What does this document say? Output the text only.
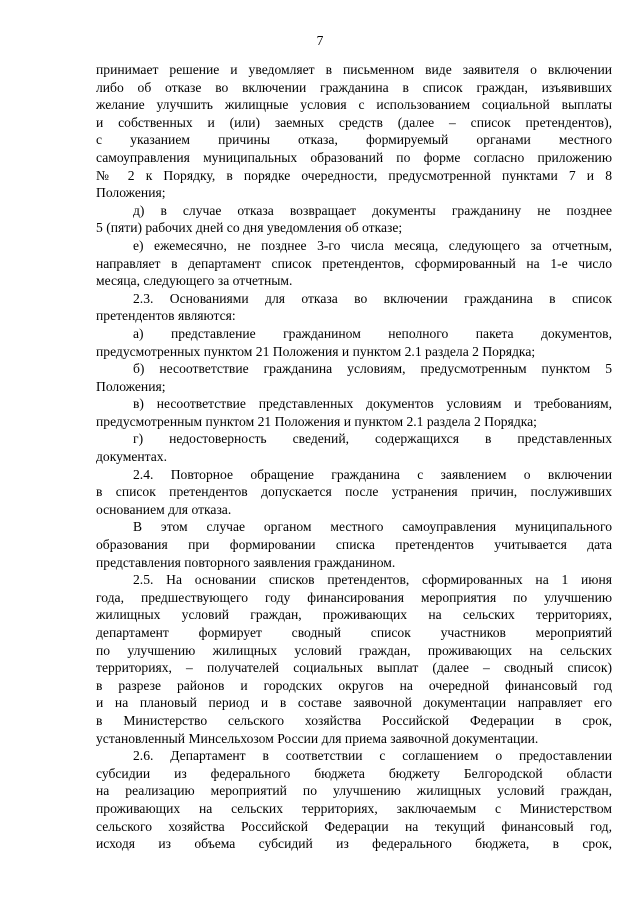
7
принимает решение и уведомляет в письменном виде заявителя о включении
либо об отказе во включении гражданина в список граждан, изъявивших
желание улучшить жилищные условия с использованием социальной выплаты
и собственных и (или) заемных средств (далее – список претендентов),
с указанием причины отказа, формируемый органами местного
самоуправления муниципальных образований по форме согласно приложению
№ 2 к Порядку, в порядке очередности, предусмотренной пунктами 7 и 8
Положения;
д) в случае отказа возвращает документы гражданину не позднее
5 (пяти) рабочих дней со дня уведомления об отказе;
е) ежемесячно, не позднее 3-го числа месяца, следующего за отчетным,
направляет в департамент список претендентов, сформированный на 1-е число
месяца, следующего за отчетным.
2.3. Основаниями для отказа во включении гражданина в список
претендентов являются:
а) представление гражданином неполного пакета документов,
предусмотренных пунктом 21 Положения и пунктом 2.1 раздела 2 Порядка;
б) несоответствие гражданина условиям, предусмотренным пунктом 5
Положения;
в) несоответствие представленных документов условиям и требованиям,
предусмотренным пунктом 21 Положения и пунктом 2.1 раздела 2 Порядка;
г) недостоверность сведений, содержащихся в представленных
документах.
2.4. Повторное обращение гражданина с заявлением о включении
в список претендентов допускается после устранения причин, послуживших
основанием для отказа.
В этом случае органом местного самоуправления муниципального
образования при формировании списка претендентов учитывается дата
представления повторного заявления гражданином.
2.5. На основании списков претендентов, сформированных на 1 июня
года, предшествующего году финансирования мероприятия по улучшению
жилищных условий граждан, проживающих на сельских территориях,
департамент формирует сводный список участников мероприятий
по улучшению жилищных условий граждан, проживающих на сельских
территориях, – получателей социальных выплат (далее – сводный список)
в разрезе районов и городских округов на очередной финансовый год
и на плановый период и в составе заявочной документации направляет его
в Министерство сельского хозяйства Российской Федерации в срок,
установленный Минсельхозом России для приема заявочной документации.
2.6. Департамент в соответствии с соглашением о предоставлении
субсидии из федерального бюджета бюджету Белгородской области
на реализацию мероприятий по улучшению жилищных условий граждан,
проживающих на сельских территориях, заключаемым с Министерством
сельского хозяйства Российской Федерации на текущий финансовый год,
исходя из объема субсидий из федерального бюджета, в срок,
